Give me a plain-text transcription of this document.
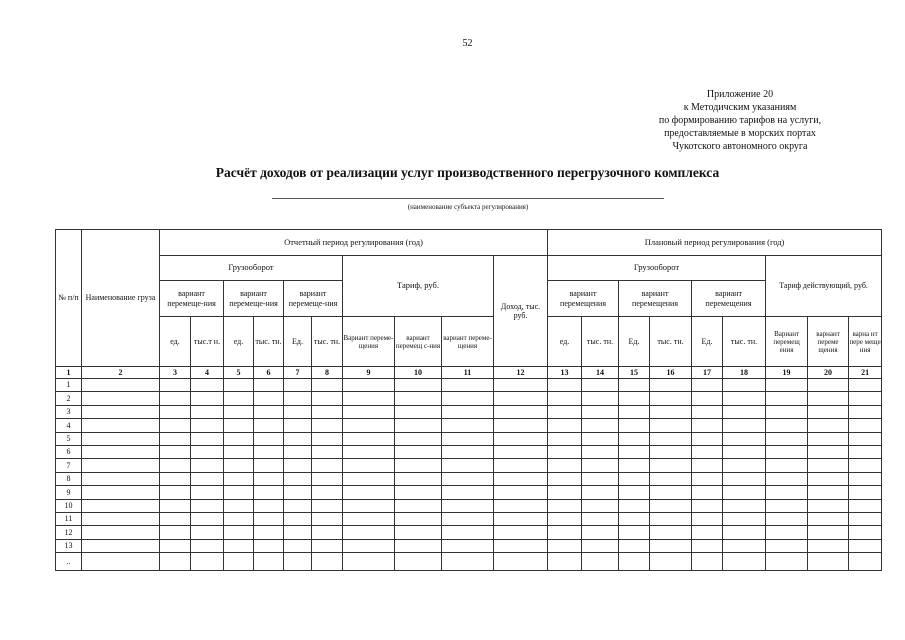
52
Приложение 20
к Методичским указаниям
по формированию тарифов на услуги,
предоставляемые в морских портах
Чукотского автономного округа
Расчёт доходов от реализации услуг производственного перегрузочного комплекса
(наименование субъекта регулирования)
№ п/п	Наименование груза	Отчетный период регулирования (год)										Плановый период регулирования (год)								
		Грузооборот						Тариф, руб.			Доход, тыс. руб.	Грузооборот						Тариф действующий, руб.		
		вариант перемеще-ния		вариант перемеще-ния		вариант перемеще-ния						вариант перемещения		вариант перемещения		вариант перемещения				
		ед.	тыс.т н.	ед.	тыс. тн.	Ед.	тыс. тн.	Вариант переме-щения	вариант перемещ с-ния	вариант переме-щения		ед.	тыс. тн.	Ед.	тыс. тн.	Ед.	тыс. тн.	Вариант перемещ ения	варнант переме щения	варна нт пере меще ния
1	2	3	4	5	6	7	8	9	10	11	12	13	14	15	16	17	18	19	20	21
1																				
2																				
3																				
4																				
5																				
6																				
7																				
8																				
9																				
10																				
11																				
12																				
13																				
..																				
